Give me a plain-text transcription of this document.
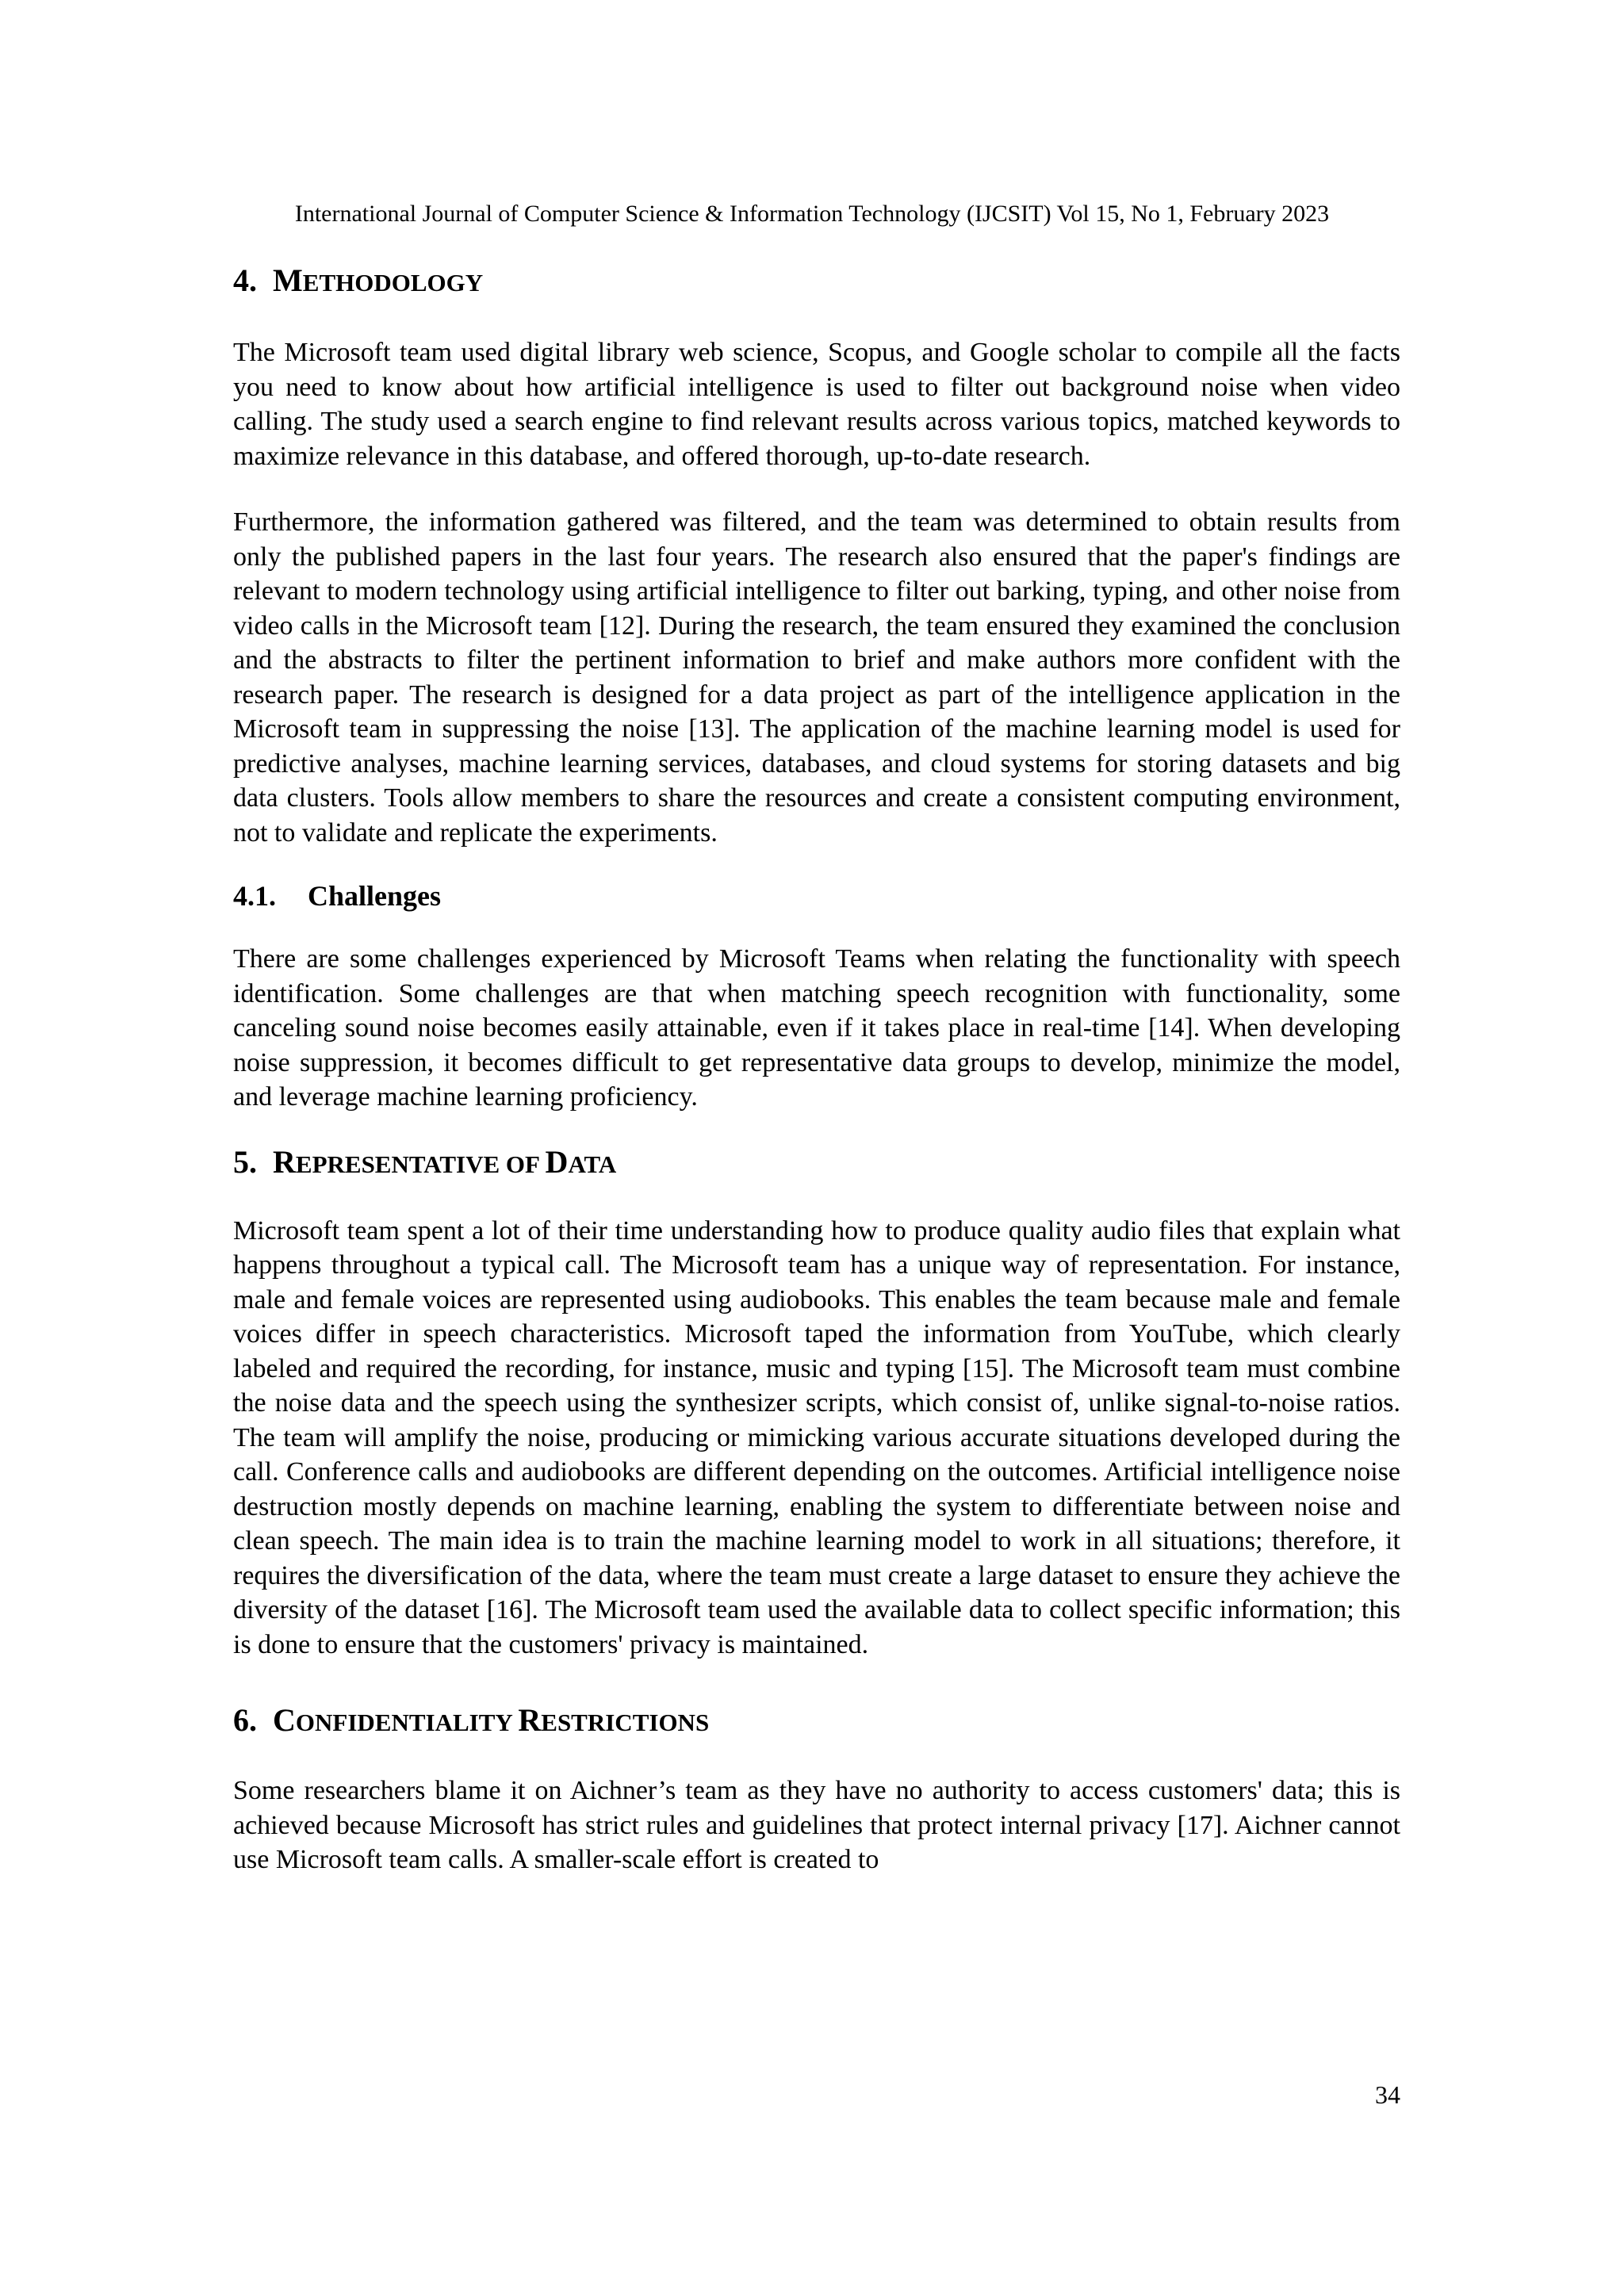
International Journal of Computer Science & Information Technology (IJCSIT) Vol 15, No 1, February 2023
4. METHODOLOGY

The Microsoft team used digital library web science, Scopus, and Google scholar to compile all the facts you need to know about how artificial intelligence is used to filter out background noise when video calling. The study used a search engine to find relevant results across various topics, matched keywords to maximize relevance in this database, and offered thorough, up-to-date research.

Furthermore, the information gathered was filtered, and the team was determined to obtain results from only the published papers in the last four years. The research also ensured that the paper's findings are relevant to modern technology using artificial intelligence to filter out barking, typing, and other noise from video calls in the Microsoft team [12]. During the research, the team ensured they examined the conclusion and the abstracts to filter the pertinent information to brief and make authors more confident with the research paper. The research is designed for a data project as part of the intelligence application in the Microsoft team in suppressing the noise [13]. The application of the machine learning model is used for predictive analyses, machine learning services, databases, and cloud systems for storing datasets and big data clusters. Tools allow members to share the resources and create a consistent computing environment, not to validate and replicate the experiments.

4.1. Challenges

There are some challenges experienced by Microsoft Teams when relating the functionality with speech identification. Some challenges are that when matching speech recognition with functionality, some canceling sound noise becomes easily attainable, even if it takes place in real-time [14]. When developing noise suppression, it becomes difficult to get representative data groups to develop, minimize the model, and leverage machine learning proficiency.

5. REPRESENTATIVE OF DATA

Microsoft team spent a lot of their time understanding how to produce quality audio files that explain what happens throughout a typical call. The Microsoft team has a unique way of representation. For instance, male and female voices are represented using audiobooks. This enables the team because male and female voices differ in speech characteristics. Microsoft taped the information from YouTube, which clearly labeled and required the recording, for instance, music and typing [15]. The Microsoft team must combine the noise data and the speech using the synthesizer scripts, which consist of, unlike signal-to-noise ratios. The team will amplify the noise, producing or mimicking various accurate situations developed during the call. Conference calls and audiobooks are different depending on the outcomes. Artificial intelligence noise destruction mostly depends on machine learning, enabling the system to differentiate between noise and clean speech. The main idea is to train the machine learning model to work in all situations; therefore, it requires the diversification of the data, where the team must create a large dataset to ensure they achieve the diversity of the dataset [16]. The Microsoft team used the available data to collect specific information; this is done to ensure that the customers' privacy is maintained.

6. CONFIDENTIALITY RESTRICTIONS

Some researchers blame it on Aichner’s team as they have no authority to access customers' data; this is achieved because Microsoft has strict rules and guidelines that protect internal privacy [17]. Aichner cannot use Microsoft team calls. A smaller-scale effort is created to

34
